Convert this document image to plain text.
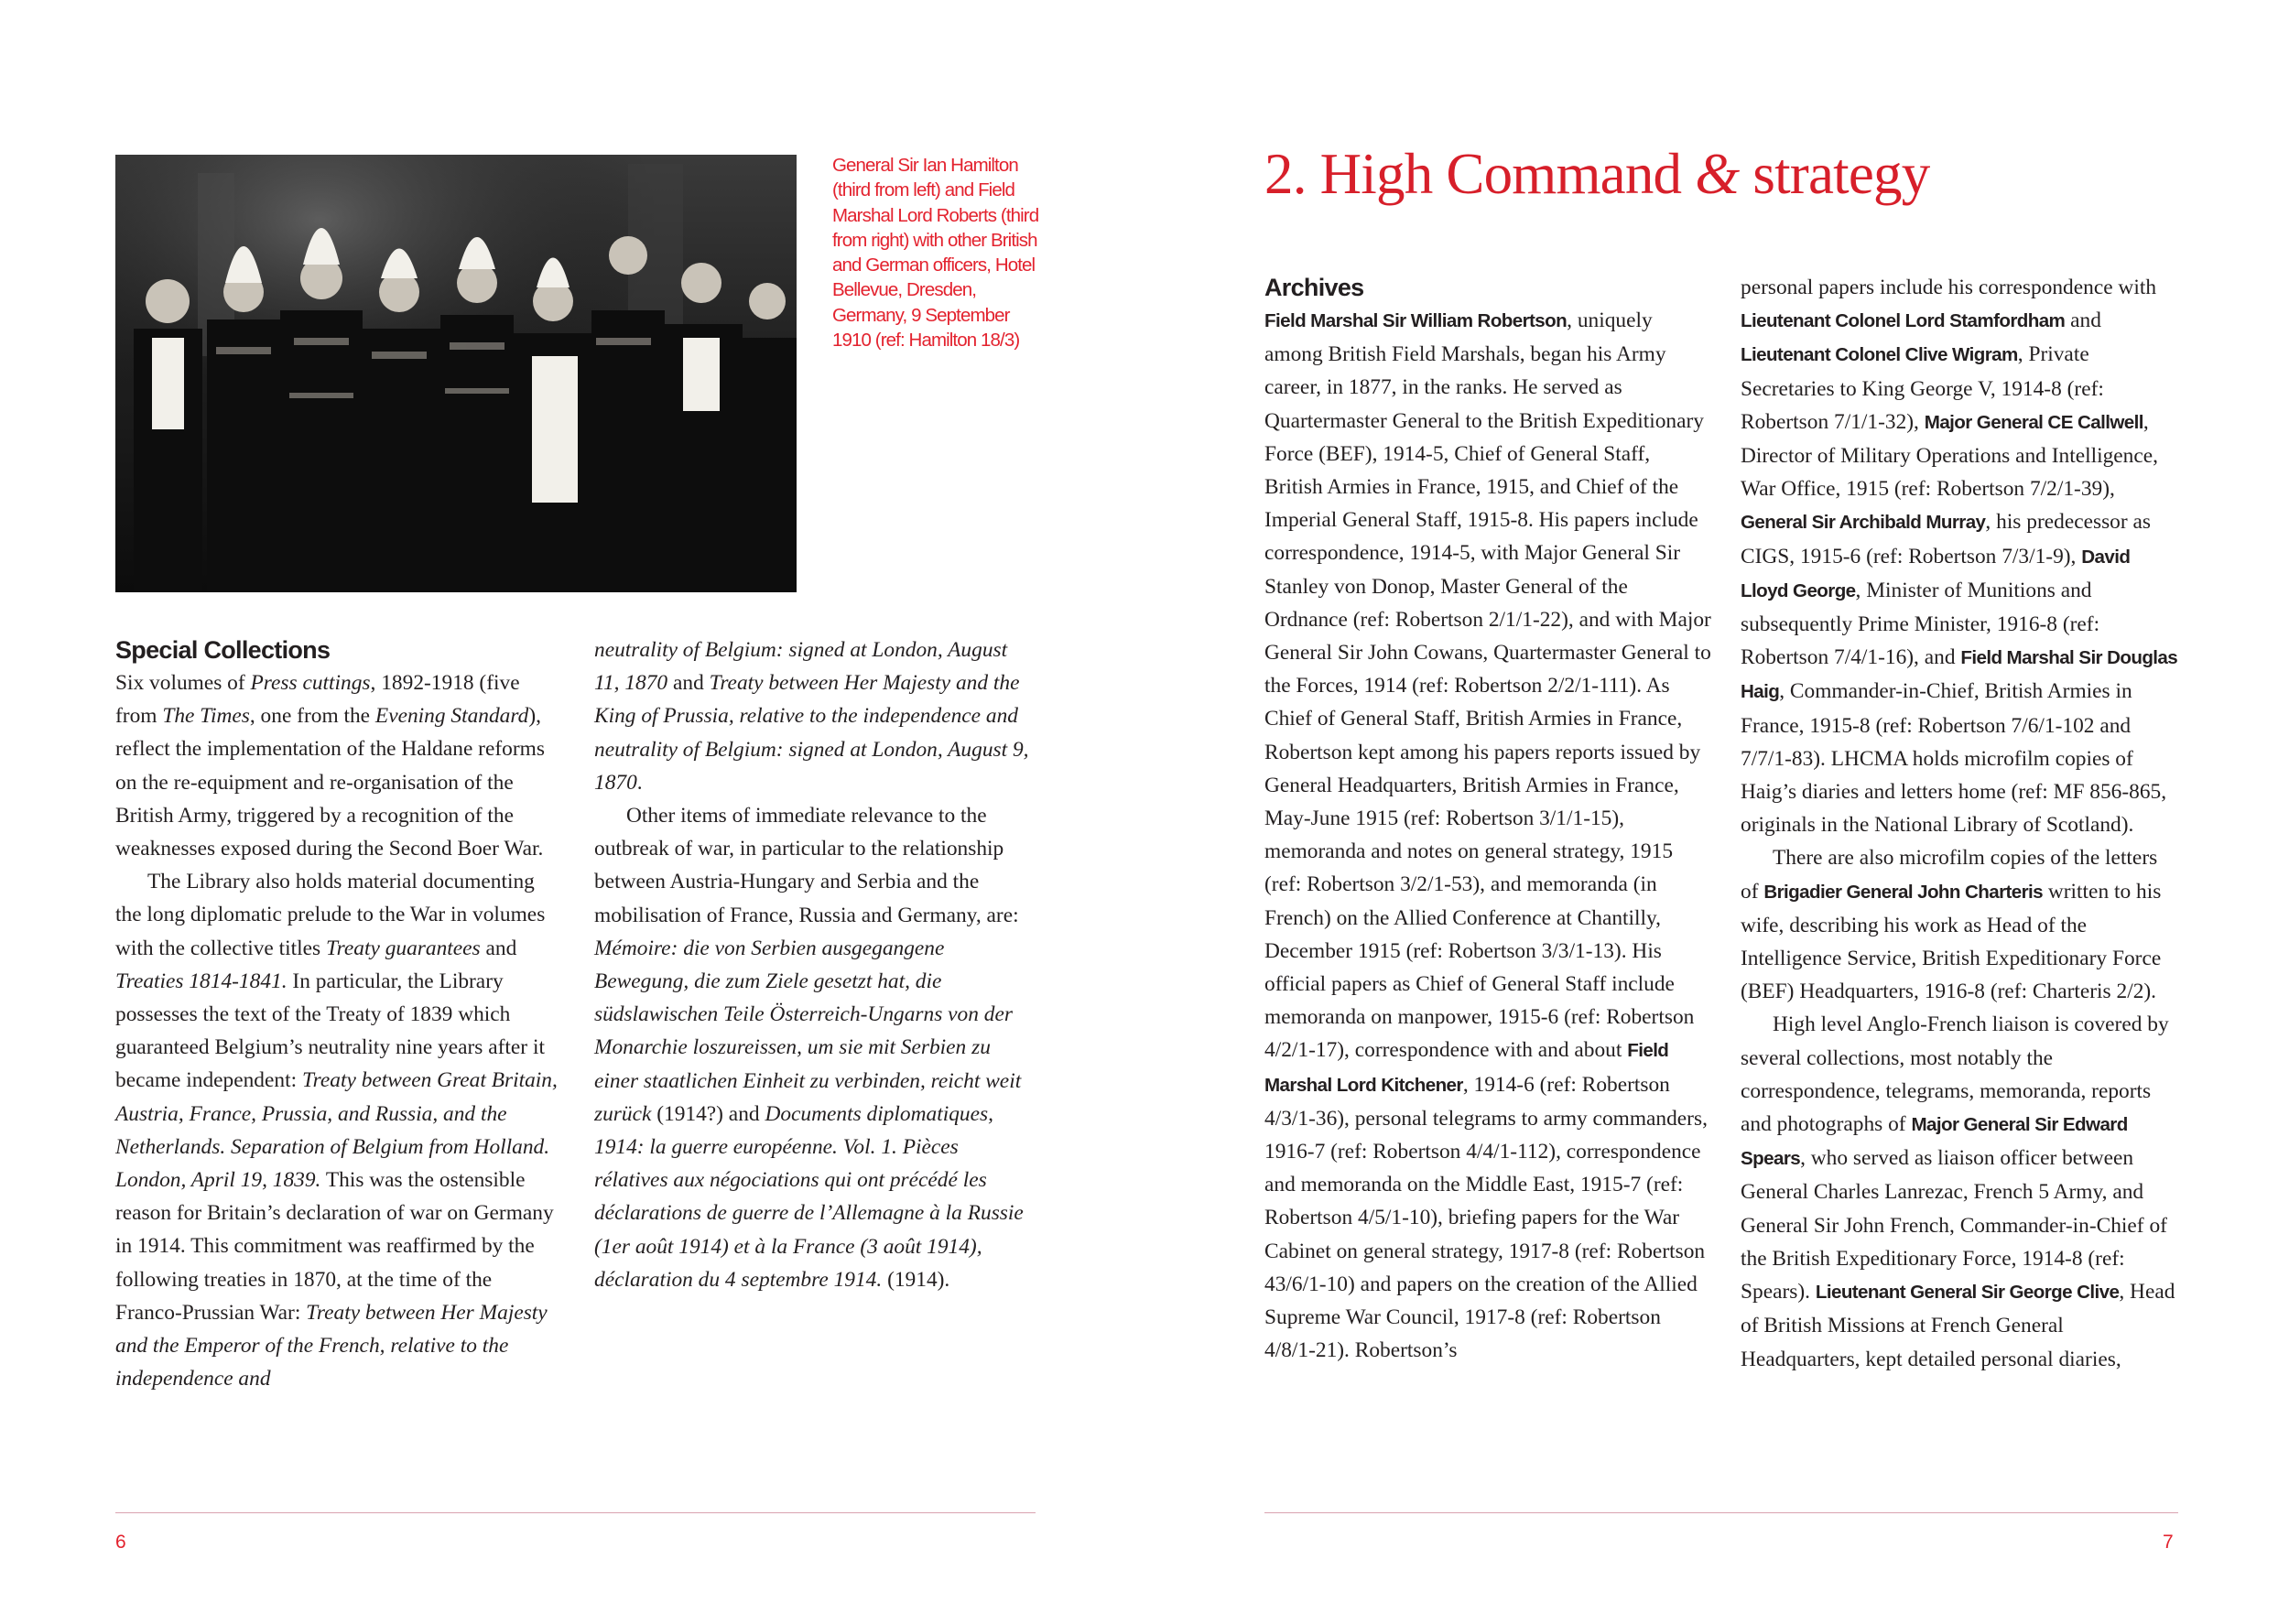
General Sir Ian Hamilton (third from left) and Field Marshal Lord Roberts (third from right) with other British and German officers, Hotel Bellevue, Dresden, Germany, 9 September 1910 (ref: Hamilton 18/3)

Special Collections

Six volumes of Press cuttings, 1892-1918 (five from The Times, one from the Evening Standard), reflect the implementation of the Haldane reforms on the re-equipment and re-organisation of the British Army, triggered by a recognition of the weaknesses exposed during the Second Boer War.

The Library also holds material documenting the long diplomatic prelude to the War in volumes with the collective titles Treaty guarantees and Treaties 1814-1841. In particular, the Library possesses the text of the Treaty of 1839 which guaranteed Belgium’s neutrality nine years after it became independent: Treaty between Great Britain, Austria, France, Prussia, and Russia, and the Netherlands. Separation of Belgium from Holland. London, April 19, 1839. This was the ostensible reason for Britain’s declaration of war on Germany in 1914. This commitment was reaffirmed by the following treaties in 1870, at the time of the Franco-Prussian War: Treaty between Her Majesty and the Emperor of the French, relative to the independence and

neutrality of Belgium: signed at London, August 11, 1870 and Treaty between Her Majesty and the King of Prussia, relative to the independence and neutrality of Belgium: signed at London, August 9, 1870.

Other items of immediate relevance to the outbreak of war, in particular to the relationship between Austria-Hungary and Serbia and the mobilisation of France, Russia and Germany, are: Mémoire: die von Serbien ausgegangene Bewegung, die zum Ziele gesetzt hat, die südslawischen Teile Österreich-Ungarns von der Monarchie loszureissen, um sie mit Serbien zu einer staatlichen Einheit zu verbinden, reicht weit zurück (1914?) and Documents diplomatiques, 1914: la guerre européenne. Vol. 1. Pièces rélatives aux négociations qui ont précédé les déclarations de guerre de l’Allemagne à la Russie (1er août 1914) et à la France (3 août 1914), déclaration du 4 septembre 1914. (1914).

6
2. High Command & strategy

Archives

Field Marshal Sir William Robertson, uniquely among British Field Marshals, began his Army career, in 1877, in the ranks. He served as Quartermaster General to the British Expeditionary Force (BEF), 1914-5, Chief of General Staff, British Armies in France, 1915, and Chief of the Imperial General Staff, 1915-8. His papers include correspondence, 1914-5, with Major General Sir Stanley von Donop, Master General of the Ordnance (ref: Robertson 2/1/1-22), and with Major General Sir John Cowans, Quartermaster General to the Forces, 1914 (ref: Robertson 2/2/1-111). As Chief of General Staff, British Armies in France, Robertson kept among his papers reports issued by General Headquarters, British Armies in France, May-June 1915 (ref: Robertson 3/1/1-15), memoranda and notes on general strategy, 1915 (ref: Robertson 3/2/1-53), and memoranda (in French) on the Allied Conference at Chantilly, December 1915 (ref: Robertson 3/3/1-13). His official papers as Chief of General Staff include memoranda on manpower, 1915-6 (ref: Robertson 4/2/1-17), correspondence with and about Field Marshal Lord Kitchener, 1914-6 (ref: Robertson 4/3/1-36), personal telegrams to army commanders, 1916-7 (ref: Robertson 4/4/1-112), correspondence and memoranda on the Middle East, 1915-7 (ref: Robertson 4/5/1-10), briefing papers for the War Cabinet on general strategy, 1917-8 (ref: Robertson 43/6/1-10) and papers on the creation of the Allied Supreme War Council, 1917-8 (ref: Robertson 4/8/1-21). Robertson’s

personal papers include his correspondence with Lieutenant Colonel Lord Stamfordham and Lieutenant Colonel Clive Wigram, Private Secretaries to King George V, 1914-8 (ref: Robertson 7/1/1-32), Major General CE Callwell, Director of Military Operations and Intelligence, War Office, 1915 (ref: Robertson 7/2/1-39), General Sir Archibald Murray, his predecessor as CIGS, 1915-6 (ref: Robertson 7/3/1-9), David Lloyd George, Minister of Munitions and subsequently Prime Minister, 1916-8 (ref: Robertson 7/4/1-16), and Field Marshal Sir Douglas Haig, Commander-in-Chief, British Armies in France, 1915-8 (ref: Robertson 7/6/1-102 and 7/7/1-83). LHCMA holds microfilm copies of Haig’s diaries and letters home (ref: MF 856-865, originals in the National Library of Scotland).

There are also microfilm copies of the letters of Brigadier General John Charteris written to his wife, describing his work as Head of the Intelligence Service, British Expeditionary Force (BEF) Headquarters, 1916-8 (ref: Charteris 2/2).

High level Anglo-French liaison is covered by several collections, most notably the correspondence, telegrams, memoranda, reports and photographs of Major General Sir Edward Spears, who served as liaison officer between General Charles Lanrezac, French 5 Army, and General Sir John French, Commander-in-Chief of the British Expeditionary Force, 1914-8 (ref: Spears). Lieutenant General Sir George Clive, Head of British Missions at French General Headquarters, kept detailed personal diaries,

7
